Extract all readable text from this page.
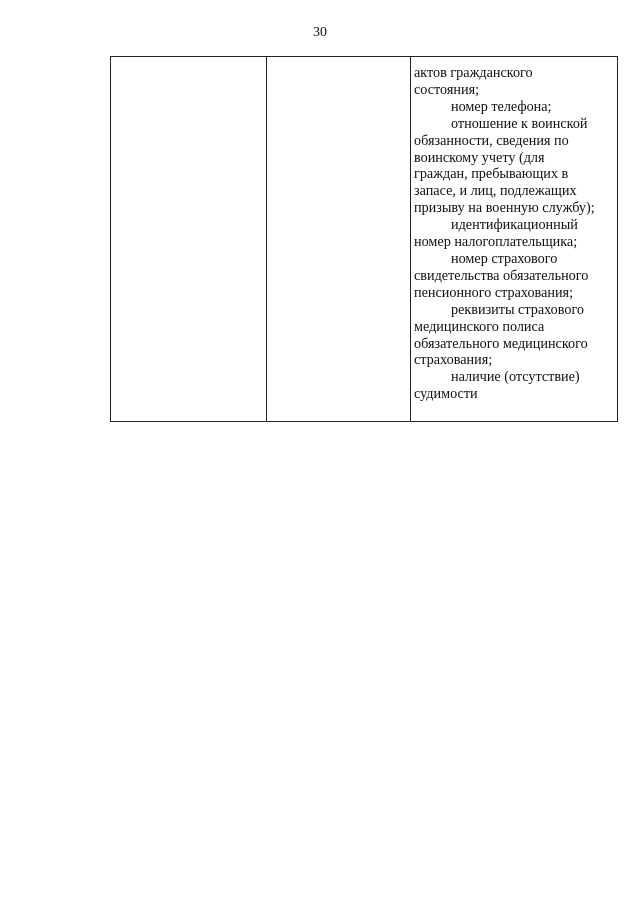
30

актов гражданского
состояния;
номер телефона;
отношение к воинской
обязанности, сведения по
воинскому учету (для
граждан, пребывающих в
запасе, и лиц, подлежащих
призыву на военную службу);
идентификационный
номер налогоплательщика;
номер страхового
свидетельства обязательного
пенсионного страхования;
реквизиты страхового
медицинского полиса
обязательного медицинского
страхования;
наличие (отсутствие)
судимости
